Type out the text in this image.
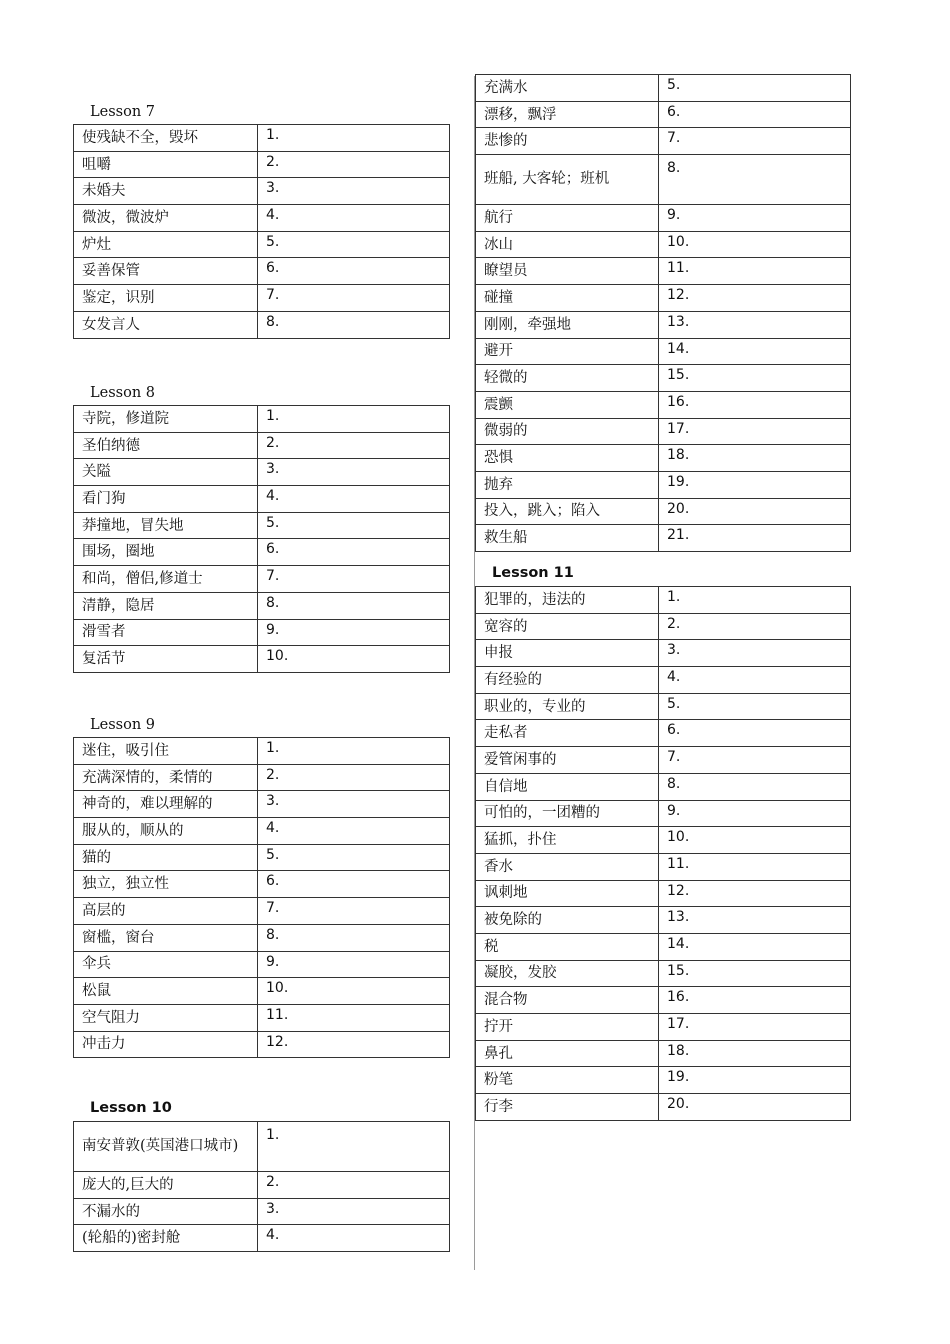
Lesson 7
使残缺不全，毁坏	1.
咀嚼	2.
未婚夫	3.
微波，微波炉	4.
炉灶	5.
妥善保管	6.
鉴定，识别	7.
女发言人	8.
Lesson 8
寺院，修道院	1.
圣伯纳德	2.
关隘	3.
看门狗	4.
莽撞地，冒失地	5.
围场，圈地	6.
和尚，僧侣,修道士	7.
清静，隐居	8.
滑雪者	9.
复活节	10.
Lesson 9
迷住，吸引住	1.
充满深情的，柔情的	2.
神奇的，难以理解的	3.
服从的，顺从的	4.
猫的	5.
独立，独立性	6.
高层的	7.
窗槛，窗台	8.
伞兵	9.
松鼠	10.
空气阻力	11.
冲击力	12.
Lesson 10
南安普敦(英国港口城市)	1.
庞大的,巨大的	2.
不漏水的	3.
(轮船的)密封舱	4.
充满水	5.
漂移，飘浮	6.
悲惨的	7.
班船, 大客轮；班机	8.
航行	9.
冰山	10.
瞭望员	11.
碰撞	12.
刚刚，牵强地	13.
避开	14.
轻微的	15.
震颤	16.
微弱的	17.
恐惧	18.
抛弃	19.
投入，跳入；陷入	20.
救生船	21.
Lesson 11
犯罪的，违法的	1.
宽容的	2.
申报	3.
有经验的	4.
职业的，专业的	5.
走私者	6.
爱管闲事的	7.
自信地	8.
可怕的，一团糟的	9.
猛抓，扑住	10.
香水	11.
讽刺地	12.
被免除的	13.
税	14.
凝胶，发胶	15.
混合物	16.
拧开	17.
鼻孔	18.
粉笔	19.
行李	20.
